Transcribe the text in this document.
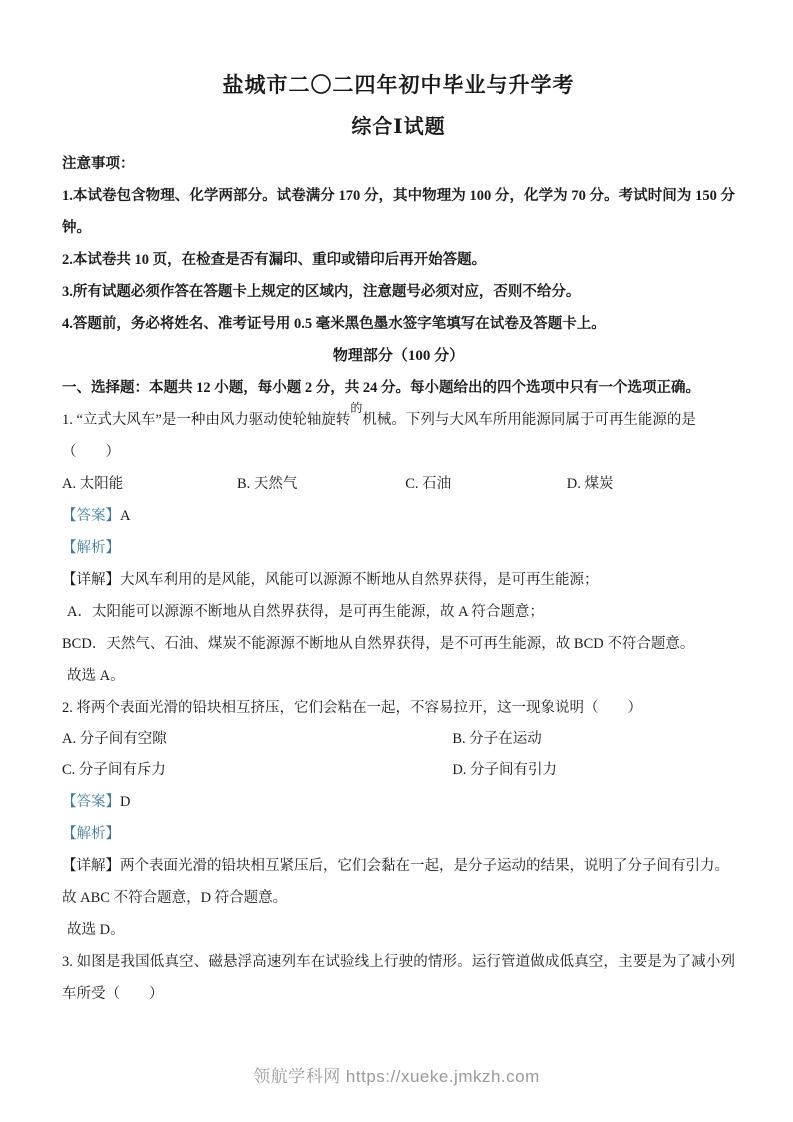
盐城市二〇二四年初中毕业与升学考
综合Ⅰ试题

注意事项：

1.本试卷包含物理、化学两部分。试卷满分 170 分，其中物理为 100 分，化学为 70 分。考试时间为 150 分钟。

2.本试卷共 10 页，在检查是否有漏印、重印或错印后再开始答题。

3.所有试题必须作答在答题卡上规定的区域内，注意题号必须对应，否则不给分。

4.答题前，务必将姓名、准考证号用 0.5 毫米黑色墨水签字笔填写在试卷及答题卡上。

物理部分（100 分）

一、选择题：本题共 12 小题，每小题 2 分，共 24 分。每小题给出的四个选项中只有一个选项正确。

1. “立式大风车”是一种由风力驱动使轮轴旋转$^的$机械。下列与大风车所用能源同属于可再生能源的是

（　　）

A. 太阳能	B. 天然气	C. 石油	D. 煤炭

【答案】A

【解析】

【详解】大风车利用的是风能，风能可以源源不断地从自然界获得，是可再生能源；

A．太阳能可以源源不断地从自然界获得，是可再生能源，故 A 符合题意；

BCD．天然气、石油、煤炭不能源源不断地从自然界获得，是不可再生能源，故 BCD 不符合题意。

故选 A。

2. 将两个表面光滑的铅块相互挤压，它们会粘在一起，不容易拉开，这一现象说明（　　）

A. 分子间有空隙	B. 分子在运动
C. 分子间有斥力	D. 分子间有引力

【答案】D

【解析】

【详解】两个表面光滑的铅块相互紧压后，它们会黏在一起，是分子运动的结果，说明了分子间有引力。

故 ABC 不符合题意，D 符合题意。

故选 D。

3. 如图是我国低真空、磁悬浮高速列车在试验线上行驶的情形。运行管道做成低真空，主要是为了减小列车所受（　　）

领航学科网 https://xueke.jmkzh.com
